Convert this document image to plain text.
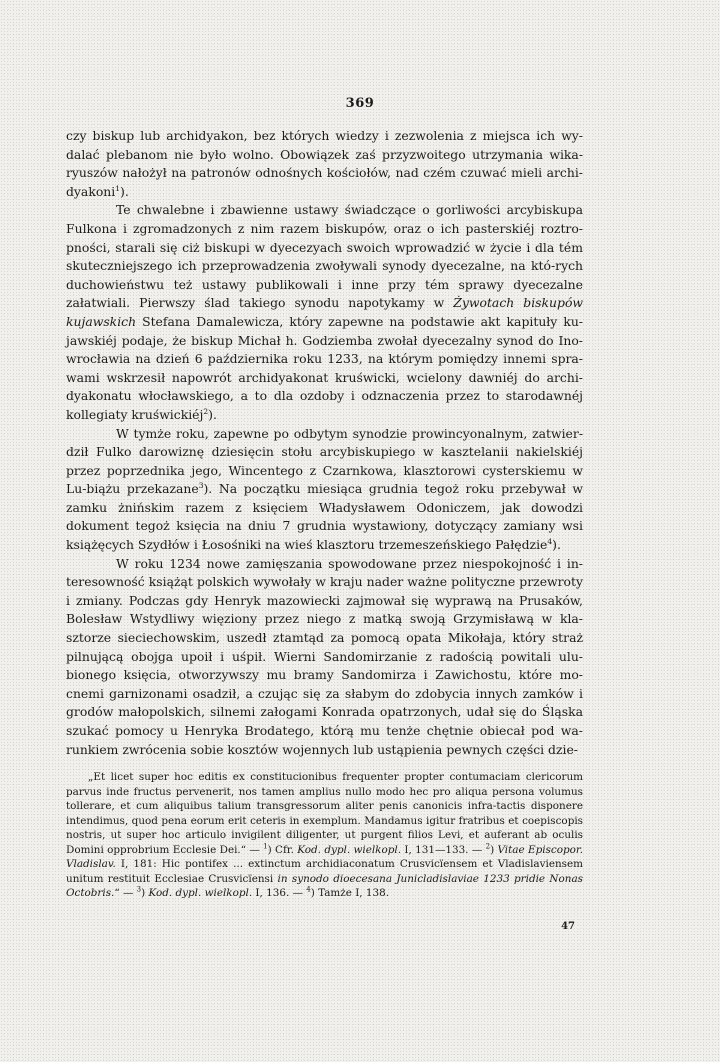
369

czy biskup lub archidyakon, bez których wiedzy i zezwolenia z miejsca ich wy-dalać plebanom nie było wolno. Obowiązek zaś przyzwoitego utrzymania wika-ryuszów nałożył na patronów odnośnych kościołów, nad czém czuwać mieli archi-dyakoni$^1$).

Te chwalebne i zbawienne ustawy świadczące o gorliwości arcybiskupa Fulkona i zgromadzonych z nim razem biskupów, oraz o ich pasterskiéj roztro-pności, starali się ciż biskupi w dyecezyach swoich wprowadzić w życie i dla tém skuteczniejszego ich przeprowadzenia zwoływali synody dyecezalne, na któ-rych duchowieństwu też ustawy publikowali i inne przy tém sprawy dyecezalne załatwiali. Pierwszy ślad takiego synodu napotykamy w Żywotach biskupów kujawskich Stefana Damalewicza, który zapewne na podstawie akt kapituły ku-jawskiéj podaje, że biskup Michał h. Godziemba zwołał dyecezalny synod do Ino-wrocławia na dzień 6 października roku 1233, na którym pomiędzy innemi spra-wami wskrzesił napowrót archidyakonat kruświcki, wcielony dawniéj do archi-dyakonatu włocławskiego, a to dla ozdoby i odznaczenia przez to starodawnéj kollegiaty kruświckiéj$^2$).

W tymże roku, zapewne po odbytym synodzie prowincyonalnym, zatwier-dził Fulko darowiznę dziesięcin stołu arcybiskupiego w kasztelanii nakielskiéj przez poprzednika jego, Wincentego z Czarnkowa, klasztorowi cysterskiemu w Lu-biążu przekazane$^3$). Na początku miesiąca grudnia tegoż roku przebywał w zamku żnińskim razem z księciem Władysławem Odoniczem, jak dowodzi dokument tegoż księcia na dniu 7 grudnia wystawiony, dotyczący zamiany wsi książęcych Szydłów i Łosośniki na wieś klasztoru trzemeszeńskiego Pałędzie$^4$).

W roku 1234 nowe zamięszania spowodowane przez niespokojność i in-teresowność książąt polskich wywołały w kraju nader ważne polityczne przewroty i zmiany. Podczas gdy Henryk mazowiecki zajmował się wyprawą na Prusaków, Bolesław Wstydliwy więziony przez niego z matką swoją Grzymisławą w kla-sztorze sieciechowskim, uszedł ztamtąd za pomocą opata Mikołaja, który straż pilnującą obojga upoił i uśpił. Wierni Sandomirzanie z radością powitali ulu-bionego księcia, otworzywszy mu bramy Sandomirza i Zawichostu, które mo-cnemi garnizonami osadził, a czując się za słabym do zdobycia innych zamków i grodów małopolskich, silnemi załogami Konrada opatrzonych, udał się do Śląska szukać pomocy u Henryka Brodatego, którą mu tenże chętnie obiecał pod wa-runkiem zwrócenia sobie kosztów wojennych lub ustąpienia pewnych części dzie-

„Et licet super hoc editis ex constitucionibus frequenter propter contumaciam clericorum parvus inde fructus pervenerit, nos tamen amplius nullo modo hec pro aliqua persona volumus tollerare, et cum aliquibus talium transgressorum aliter penis canonicis infra-tactis disponere intendimus, quod pena eorum erit ceteris in exemplum. Mandamus igitur fratribus et coepiscopis nostris, ut super hoc articulo invigilent diligenter, ut purgent filios Levi, et auferant ab oculis Domini opprobrium Ecclesie Dei.“ — $^1$) Cfr. Kod. dypl. wielkopl. I, 131—133. — $^2$) Vitae Episcopor. Vladislav. I, 181: Hic pontifex ... extinctum archidiaconatum Crusvicïensem et Vladislaviensem unitum restituit Ecclesiae Crusvicïensi in synodo dioecesana Junicladislaviae 1233 pridie Nonas Octobris.“ — $^3$) Kod. dypl. wielkopl. I, 136. — $^4$) Tamże I, 138.

47
